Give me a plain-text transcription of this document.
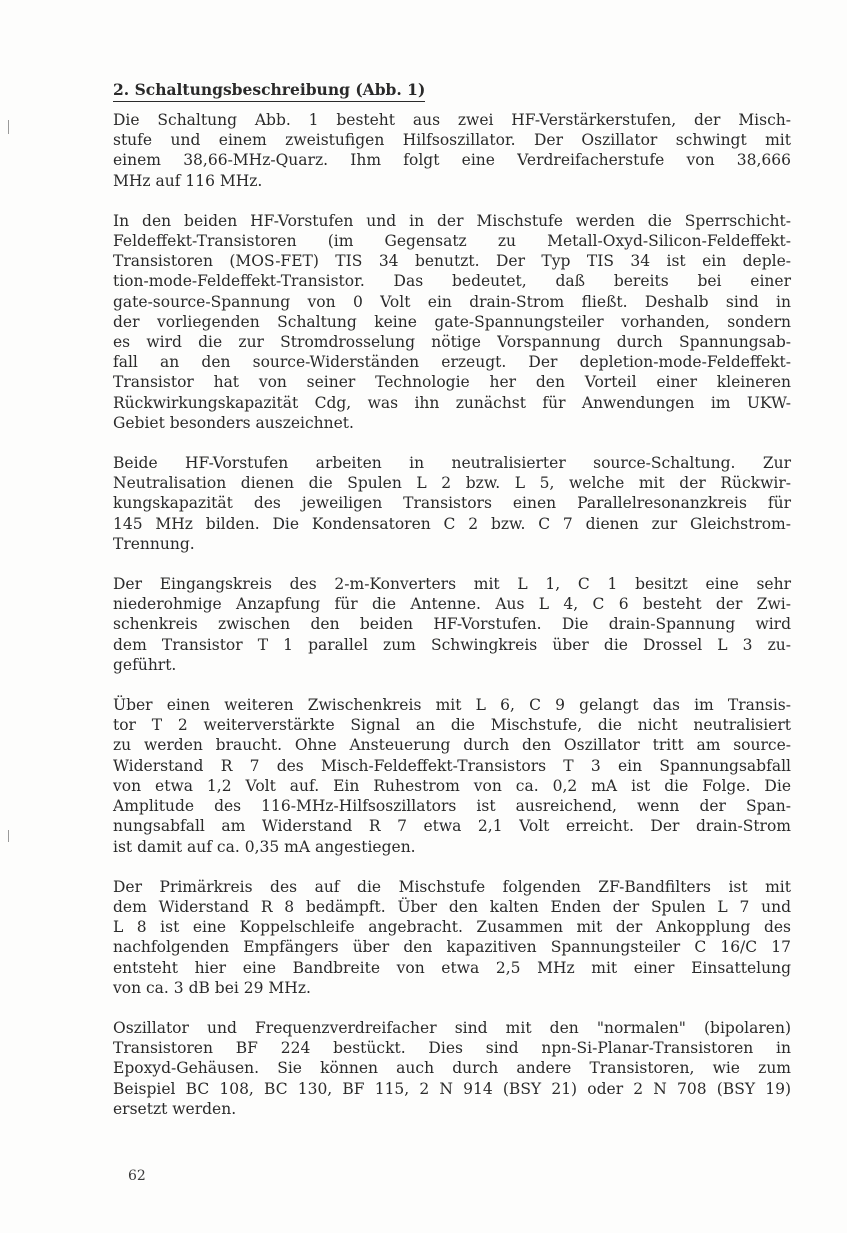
2. Schaltungsbeschreibung (Abb. 1)
Die Schaltung Abb. 1 besteht aus zwei HF-Verstärkerstufen, der Misch-
stufe und einem zweistufigen Hilfsoszillator. Der Oszillator schwingt mit
einem 38,66-MHz-Quarz. Ihm folgt eine Verdreifacherstufe von 38,666
MHz auf 116 MHz.
In den beiden HF-Vorstufen und in der Mischstufe werden die Sperrschicht-
Feldeffekt-Transistoren (im Gegensatz zu Metall-Oxyd-Silicon-Feldeffekt-
Transistoren (MOS-FET) TIS 34 benutzt. Der Typ TIS 34 ist ein deple-
tion-mode-Feldeffekt-Transistor. Das bedeutet, daß bereits bei einer
gate-source-Spannung von 0 Volt ein drain-Strom fließt. Deshalb sind in
der vorliegenden Schaltung keine gate-Spannungsteiler vorhanden, sondern
es wird die zur Stromdrosselung nötige Vorspannung durch Spannungsab-
fall an den source-Widerständen erzeugt. Der depletion-mode-Feldeffekt-
Transistor hat von seiner Technologie her den Vorteil einer kleineren
Rückwirkungskapazität Cdg, was ihn zunächst für Anwendungen im UKW-
Gebiet besonders auszeichnet.
Beide HF-Vorstufen arbeiten in neutralisierter source-Schaltung. Zur
Neutralisation dienen die Spulen L 2 bzw. L 5, welche mit der Rückwir-
kungskapazität des jeweiligen Transistors einen Parallelresonanzkreis für
145 MHz bilden. Die Kondensatoren C 2 bzw. C 7 dienen zur Gleichstrom-
Trennung.
Der Eingangskreis des 2-m-Konverters mit L 1, C 1 besitzt eine sehr
niederohmige Anzapfung für die Antenne. Aus L 4, C 6 besteht der Zwi-
schenkreis zwischen den beiden HF-Vorstufen. Die drain-Spannung wird
dem Transistor T 1 parallel zum Schwingkreis über die Drossel L 3 zu-
geführt.
Über einen weiteren Zwischenkreis mit L 6, C 9 gelangt das im Transis-
tor T 2 weiterverstärkte Signal an die Mischstufe, die nicht neutralisiert
zu werden braucht. Ohne Ansteuerung durch den Oszillator tritt am source-
Widerstand R 7 des Misch-Feldeffekt-Transistors T 3 ein Spannungsabfall
von etwa 1,2 Volt auf. Ein Ruhestrom von ca. 0,2 mA ist die Folge. Die
Amplitude des 116-MHz-Hilfsoszillators ist ausreichend, wenn der Span-
nungsabfall am Widerstand R 7 etwa 2,1 Volt erreicht. Der drain-Strom
ist damit auf ca. 0,35 mA angestiegen.
Der Primärkreis des auf die Mischstufe folgenden ZF-Bandfilters ist mit
dem Widerstand R 8 bedämpft. Über den kalten Enden der Spulen L 7 und
L 8 ist eine Koppelschleife angebracht. Zusammen mit der Ankopplung des
nachfolgenden Empfängers über den kapazitiven Spannungsteiler C 16/C 17
entsteht hier eine Bandbreite von etwa 2,5 MHz mit einer Einsattelung
von ca. 3 dB bei 29 MHz.
Oszillator und Frequenzverdreifacher sind mit den "normalen" (bipolaren)
Transistoren BF 224 bestückt. Dies sind npn-Si-Planar-Transistoren in
Epoxyd-Gehäusen. Sie können auch durch andere Transistoren, wie zum
Beispiel BC 108, BC 130, BF 115, 2 N 914 (BSY 21) oder 2 N 708 (BSY 19)
ersetzt werden.
62
